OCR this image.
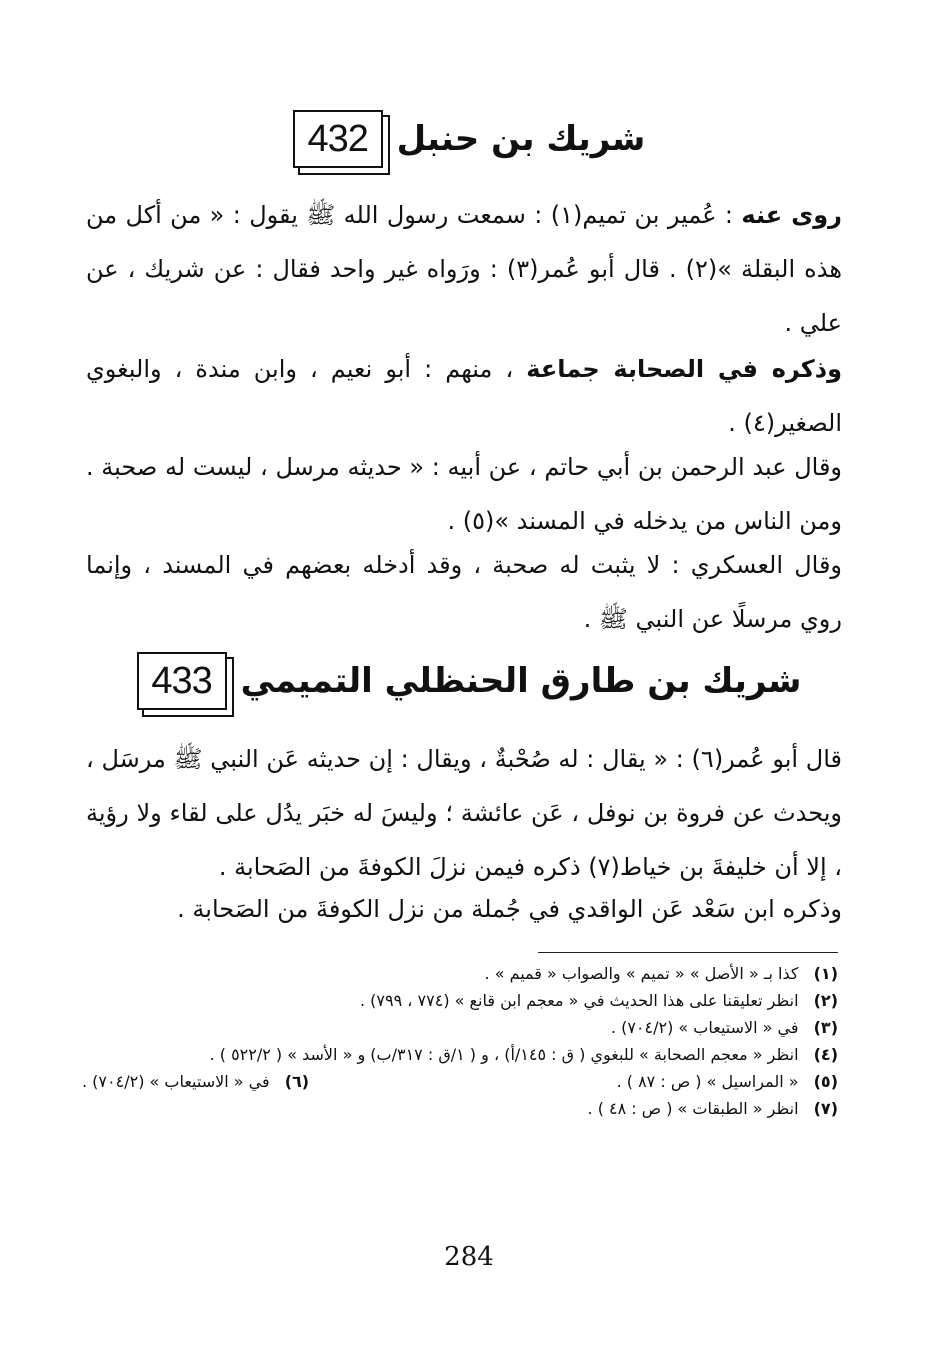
432 شريك بن حنبل
روى عنه : عُمير بن تميم(١) : سمعت رسول الله ﷺ يقول : « من أكل من هذه البقلة »(٢) . قال أبو عُمر(٣) : ورَواه غير واحد فقال : عن شريك ، عن علي .
وذكره في الصحابة جماعة ، منهم : أبو نعيم ، وابن مندة ، والبغوي الصغير(٤) .
وقال عبد الرحمن بن أبي حاتم ، عن أبيه : « حديثه مرسل ، ليست له صحبة . ومن الناس من يدخله في المسند »(٥) .
وقال العسكري : لا يثبت له صحبة ، وقد أدخله بعضهم في المسند ، وإنما روي مرسلًا عن النبي ﷺ .
433 شريك بن طارق الحنظلي التميمي
قال أبو عُمر(٦) : « يقال : له صُحْبةٌ ، ويقال : إن حديثه عَن النبي ﷺ مرسَل ، ويحدث عن فروة بن نوفل ، عَن عائشة ؛ وليسَ له خبَر يدُل على لقاء ولا رؤية ، إلا أن خليفةَ بن خياط(٧) ذكره فيمن نزلَ الكوفةَ من الصَحابة .
وذكره ابن سَعْد عَن الواقدي في جُملة من نزل الكوفةَ من الصَحابة .
(١) كذا بـ « الأصل » « تميم » والصواب « قميم » .
(٢) انظر تعليقنا على هذا الحديث في « معجم ابن قانع » (٧٧٤ ، ٧٩٩) .
(٣) في « الاستيعاب » (٧٠٤/٢) .
(٤) انظر « معجم الصحابة » للبغوي ( ق : ١٤٥/أ) ، و ( ١/ق : ٣١٧/ب) و « الأسد » ( ٥٢٢/٢ ) .
(٥) « المراسيل » ( ص : ٨٧ ) .
(٦) في « الاستيعاب » (٧٠٤/٢) .
(٧) انظر « الطبقات » ( ص : ٤٨ ) .
284
